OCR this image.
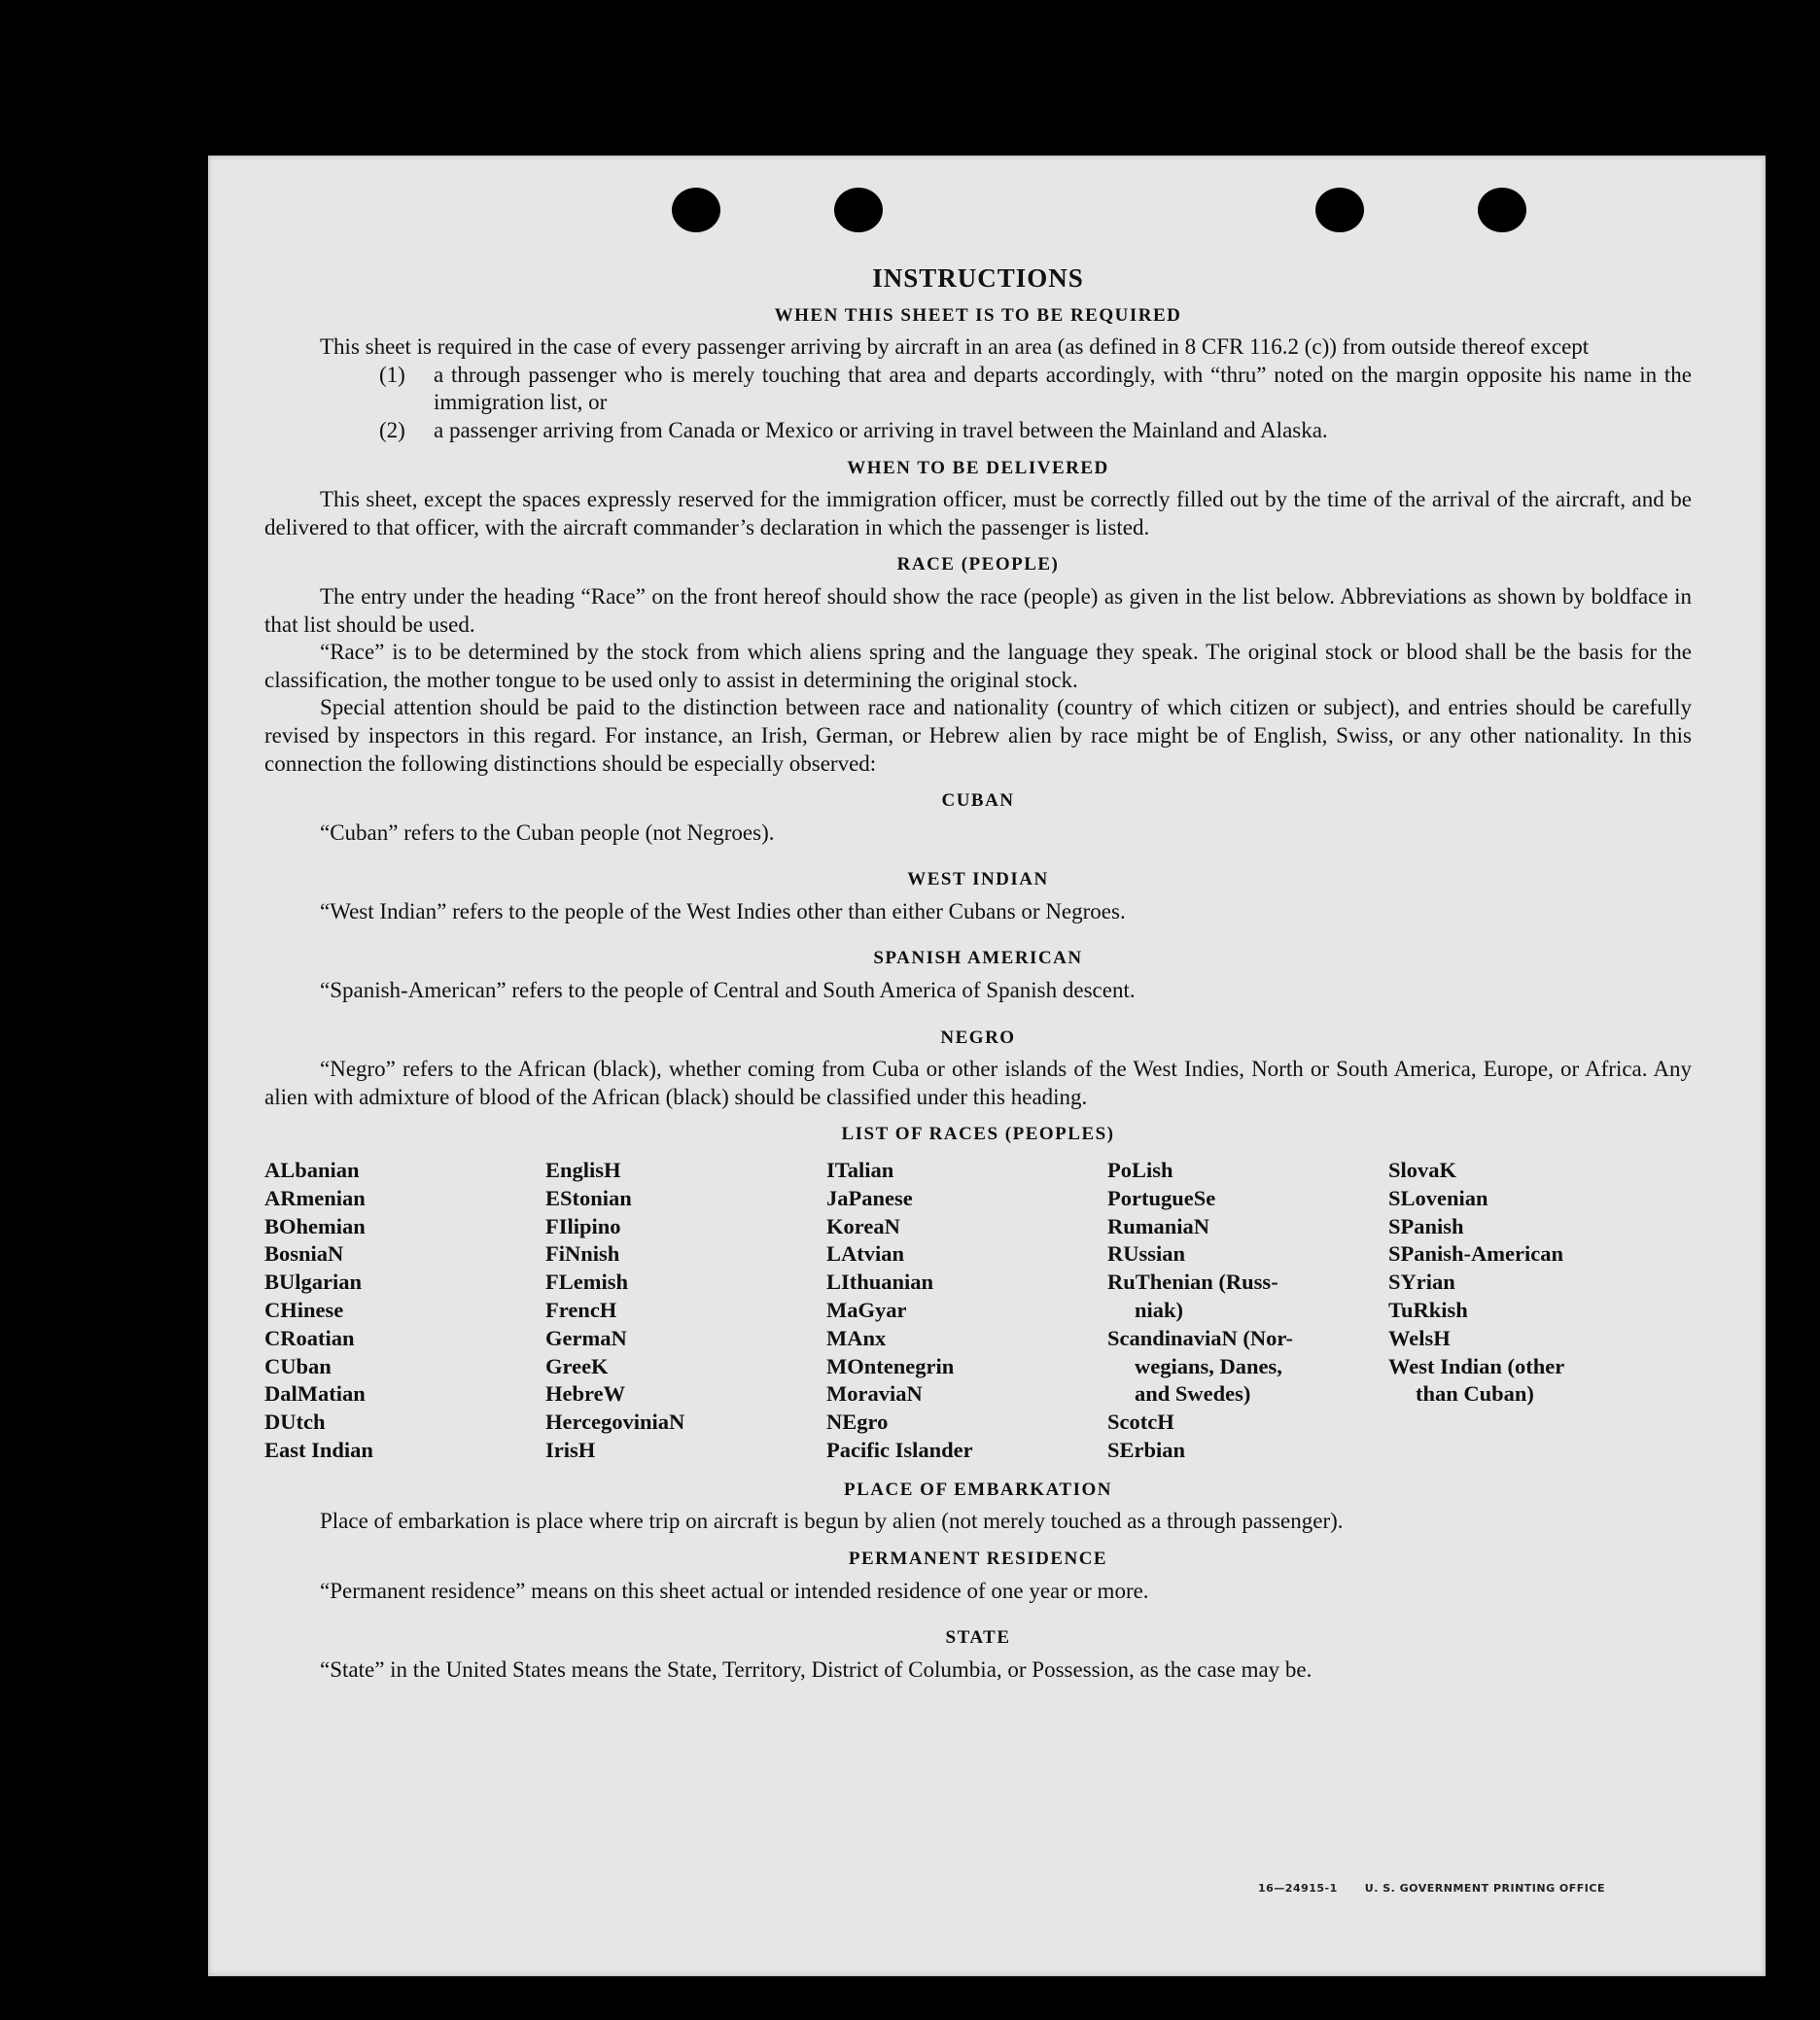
INSTRUCTIONS
WHEN THIS SHEET IS TO BE REQUIRED

This sheet is required in the case of every passenger arriving by aircraft in an area (as defined in 8 CFR 116.2 (c)) from outside thereof except

(1)	a through passenger who is merely touching that area and departs accordingly, with “thru” noted on the margin opposite his name in the immigration list, or
(2)	a passenger arriving from Canada or Mexico or arriving in travel between the Mainland and Alaska.
WHEN TO BE DELIVERED

This sheet, except the spaces expressly reserved for the immigration officer, must be correctly filled out by the time of the arrival of the aircraft, and be delivered to that officer, with the aircraft commander’s declaration in which the passenger is listed.

RACE (PEOPLE)

The entry under the heading “Race” on the front hereof should show the race (people) as given in the list below. Abbreviations as shown by boldface in that list should be used.

“Race” is to be determined by the stock from which aliens spring and the language they speak. The original stock or blood shall be the basis for the classification, the mother tongue to be used only to assist in determining the original stock.

Special attention should be paid to the distinction between race and nationality (country of which citizen or subject), and entries should be carefully revised by inspectors in this regard. For instance, an Irish, German, or Hebrew alien by race might be of English, Swiss, or any other nationality. In this connection the following distinctions should be especially observed:

CUBAN

“Cuban” refers to the Cuban people (not Negroes).

WEST INDIAN

“West Indian” refers to the people of the West Indies other than either Cubans or Negroes.

SPANISH AMERICAN

“Spanish-American” refers to the people of Central and South America of Spanish descent.

NEGRO

“Negro” refers to the African (black), whether coming from Cuba or other islands of the West Indies, North or South America, Europe, or Africa. Any alien with admixture of blood of the African (black) should be classified under this heading.

LIST OF RACES (PEOPLES)
ALbanian
ARmenian
BOhemian
BosniaN
BUlgarian
CHinese
CRoatian
CUban
DalMatian
DUtch
East Indian
EnglisH
EStonian
FIlipino
FiNnish
FLemish
FrencH
GermaN
GreeK
HebreW
HercegoviniaN
IrisH
ITalian
JaPanese
KoreaN
LAtvian
LIthuanian
MaGyar
MAnx
MOntenegrin
MoraviaN
NEgro
Pacific Islander
PoLish
PortugueSe
RumaniaN
RUssian
RuThenian (Russ-
niak)
ScandinaviaN (Nor-
wegians, Danes,
and Swedes)
ScotcH
SErbian
SlovaK
SLovenian
SPanish
SPanish-American
SYrian
TuRkish
WelsH
West Indian (other
than Cuban)
PLACE OF EMBARKATION

Place of embarkation is place where trip on aircraft is begun by alien (not merely touched as a through passenger).

PERMANENT RESIDENCE

“Permanent residence” means on this sheet actual or intended residence of one year or more.

STATE

“State” in the United States means the State, Territory, District of Columbia, or Possession, as the case may be.

16—24915-1	U. S. GOVERNMENT PRINTING OFFICE
